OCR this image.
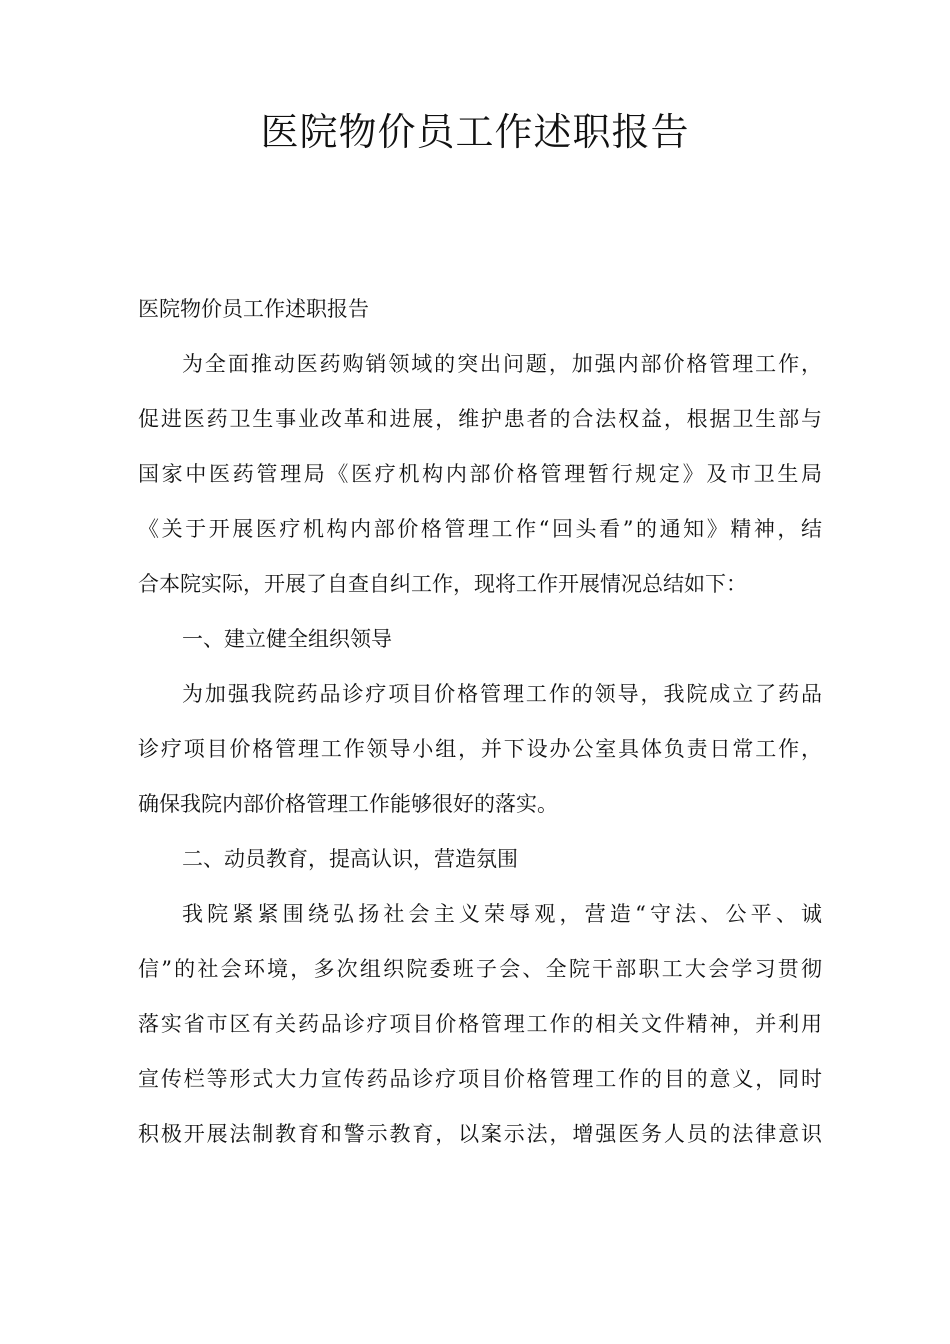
医院物价员工作述职报告
医院物价员工作述职报告
为全面推动医药购销领域的突出问题，加强内部价格管理工作，
促进医药卫生事业改革和进展，维护患者的合法权益，根据卫生部与
国家中医药管理局《医疗机构内部价格管理暂行规定》及市卫生局
《关于开展医疗机构内部价格管理工作“回头看”的通知》精神，结
合本院实际，开展了自查自纠工作，现将工作开展情况总结如下：
一、建立健全组织领导
为加强我院药品诊疗项目价格管理工作的领导，我院成立了药品
诊疗项目价格管理工作领导小组，并下设办公室具体负责日常工作，
确保我院内部价格管理工作能够很好的落实。
二、动员教育，提高认识，营造氛围
我院紧紧围绕弘扬社会主义荣辱观，营造“守法、公平、诚
信”的社会环境，多次组织院委班子会、全院干部职工大会学习贯彻
落实省市区有关药品诊疗项目价格管理工作的相关文件精神，并利用
宣传栏等形式大力宣传药品诊疗项目价格管理工作的目的意义，同时
积极开展法制教育和警示教育，以案示法，增强医务人员的法律意识
